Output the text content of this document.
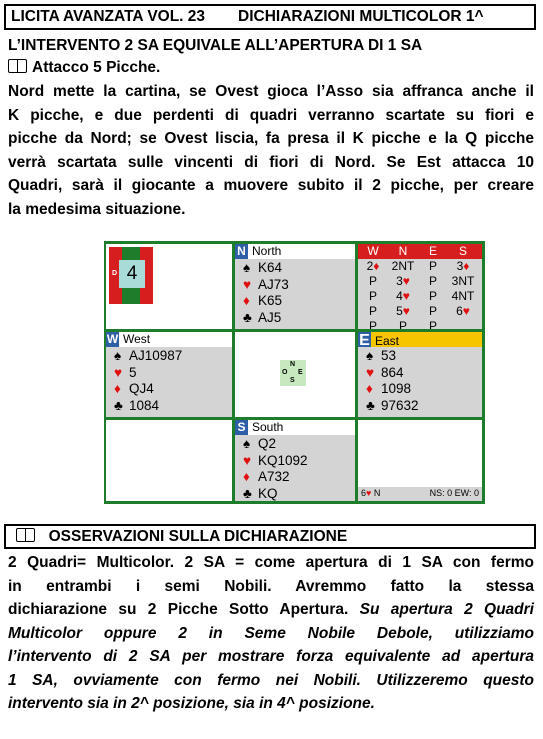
LICITA AVANZATA VOL. 23 DICHIARAZIONI MULTICOLOR 1^
L’INTERVENTO 2 SA EQUIVALE ALL’APERTURA DI 1 SA
Attacco 5 Picche.
Nord mette la cartina, se Ovest gioca l’Asso sia affranca anche il
K picche, e due perdenti di quadri verranno scartate su fiori e
picche da Nord; se Ovest liscia, fa presa il K picche e la Q picche
verrà scartata sulle vincenti di fiori di Nord. Se Est attacca 10
Quadri, sarà il giocante a muovere subito il 2 picche, per creare
la medesima situazione.
4
D
N North
♠ K64
♥ AJ73
♦ K65
♣ AJ5
W	N	E	S
2♦	2NT	P	3♦
P	3♥	P	3NT
P	4♥	P	4NT
P	5♥	P	6♥
P	P	P
W West
♠ AJ10987
♥ 5
♦ QJ4
♣ 1084
N
O E
S
E East
♠ 53
♥ 864
♦ 1098
♣ 97632
S South
♠ Q2
♥ KQ1092
♦ A732
♣ KQ	6♥ N	NS: 0 EW: 0
OSSERVAZIONI SULLA DICHIARAZIONE
2 Quadri= Multicolor. 2 SA = come apertura di 1 SA con fermo
in entrambi i semi Nobili. Avremmo fatto la stessa
dichiarazione su 2 Picche Sotto Apertura. Su apertura 2 Quadri
Multicolor oppure 2 in Seme Nobile Debole, utilizziamo
l’intervento di 2 SA per mostrare forza equivalente ad apertura
1 SA, ovviamente con fermo nei Nobili. Utilizzeremo questo
intervento sia in 2^ posizione, sia in 4^ posizione.
